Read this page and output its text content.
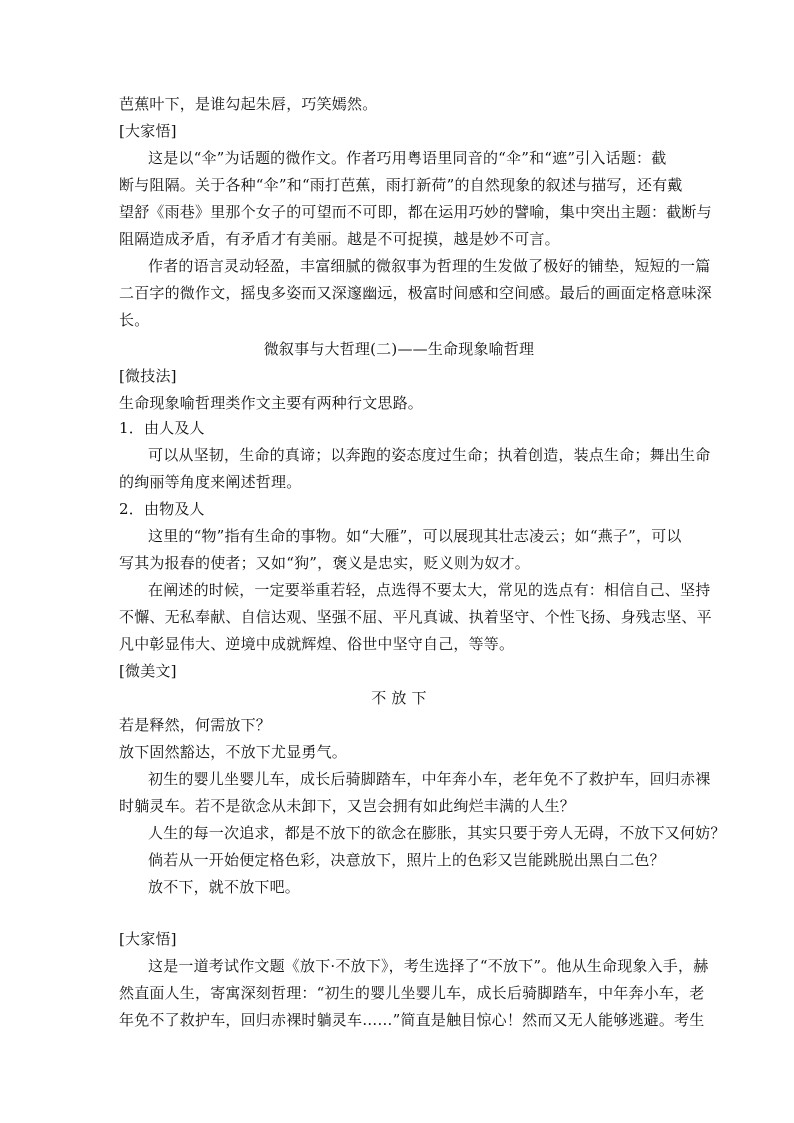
芭蕉叶下，是谁勾起朱唇，巧笑嫣然。
[大家悟]
这是以“伞”为话题的微作文。作者巧用粤语里同音的“伞”和“遮”引入话题：截
断与阻隔。关于各种“伞”和“雨打芭蕉，雨打新荷”的自然现象的叙述与描写，还有戴
望舒《雨巷》里那个女子的可望而不可即，都在运用巧妙的譬喻，集中突出主题：截断与
阻隔造成矛盾，有矛盾才有美丽。越是不可捉摸，越是妙不可言。
作者的语言灵动轻盈，丰富细腻的微叙事为哲理的生发做了极好的铺垫，短短的一篇
二百字的微作文，摇曳多姿而又深邃幽远，极富时间感和空间感。最后的画面定格意味深
长。
微叙事与大哲理(二)——生命现象喻哲理
[微技法]
生命现象喻哲理类作文主要有两种行文思路。
1．由人及人
可以从坚韧，生命的真谛；以奔跑的姿态度过生命；执着创造，装点生命；舞出生命
的绚丽等角度来阐述哲理。
2．由物及人
这里的“物”指有生命的事物。如“大雁”，可以展现其壮志凌云；如“燕子”，可以
写其为报春的使者；又如“狗”，褒义是忠实，贬义则为奴才。
在阐述的时候，一定要举重若轻，点选得不要太大，常见的选点有：相信自己、坚持
不懈、无私奉献、自信达观、坚强不屈、平凡真诚、执着坚守、个性飞扬、身残志坚、平
凡中彰显伟大、逆境中成就辉煌、俗世中坚守自己，等等。
[微美文]
不 放 下
若是释然，何需放下？
放下固然豁达，不放下尤显勇气。
初生的婴儿坐婴儿车，成长后骑脚踏车，中年奔小车，老年免不了救护车，回归赤裸
时躺灵车。若不是欲念从未卸下，又岂会拥有如此绚烂丰满的人生？
人生的每一次追求，都是不放下的欲念在膨胀，其实只要于旁人无碍，不放下又何妨？
倘若从一开始便定格色彩，决意放下，照片上的色彩又岂能跳脱出黑白二色？
放不下，就不放下吧。
[大家悟]
这是一道考试作文题《放下·不放下》，考生选择了“不放下”。他从生命现象入手，赫
然直面人生，寄寓深刻哲理：“初生的婴儿坐婴儿车，成长后骑脚踏车，中年奔小车，老
年免不了救护车，回归赤裸时躺灵车……”简直是触目惊心！然而又无人能够逃避。考生
